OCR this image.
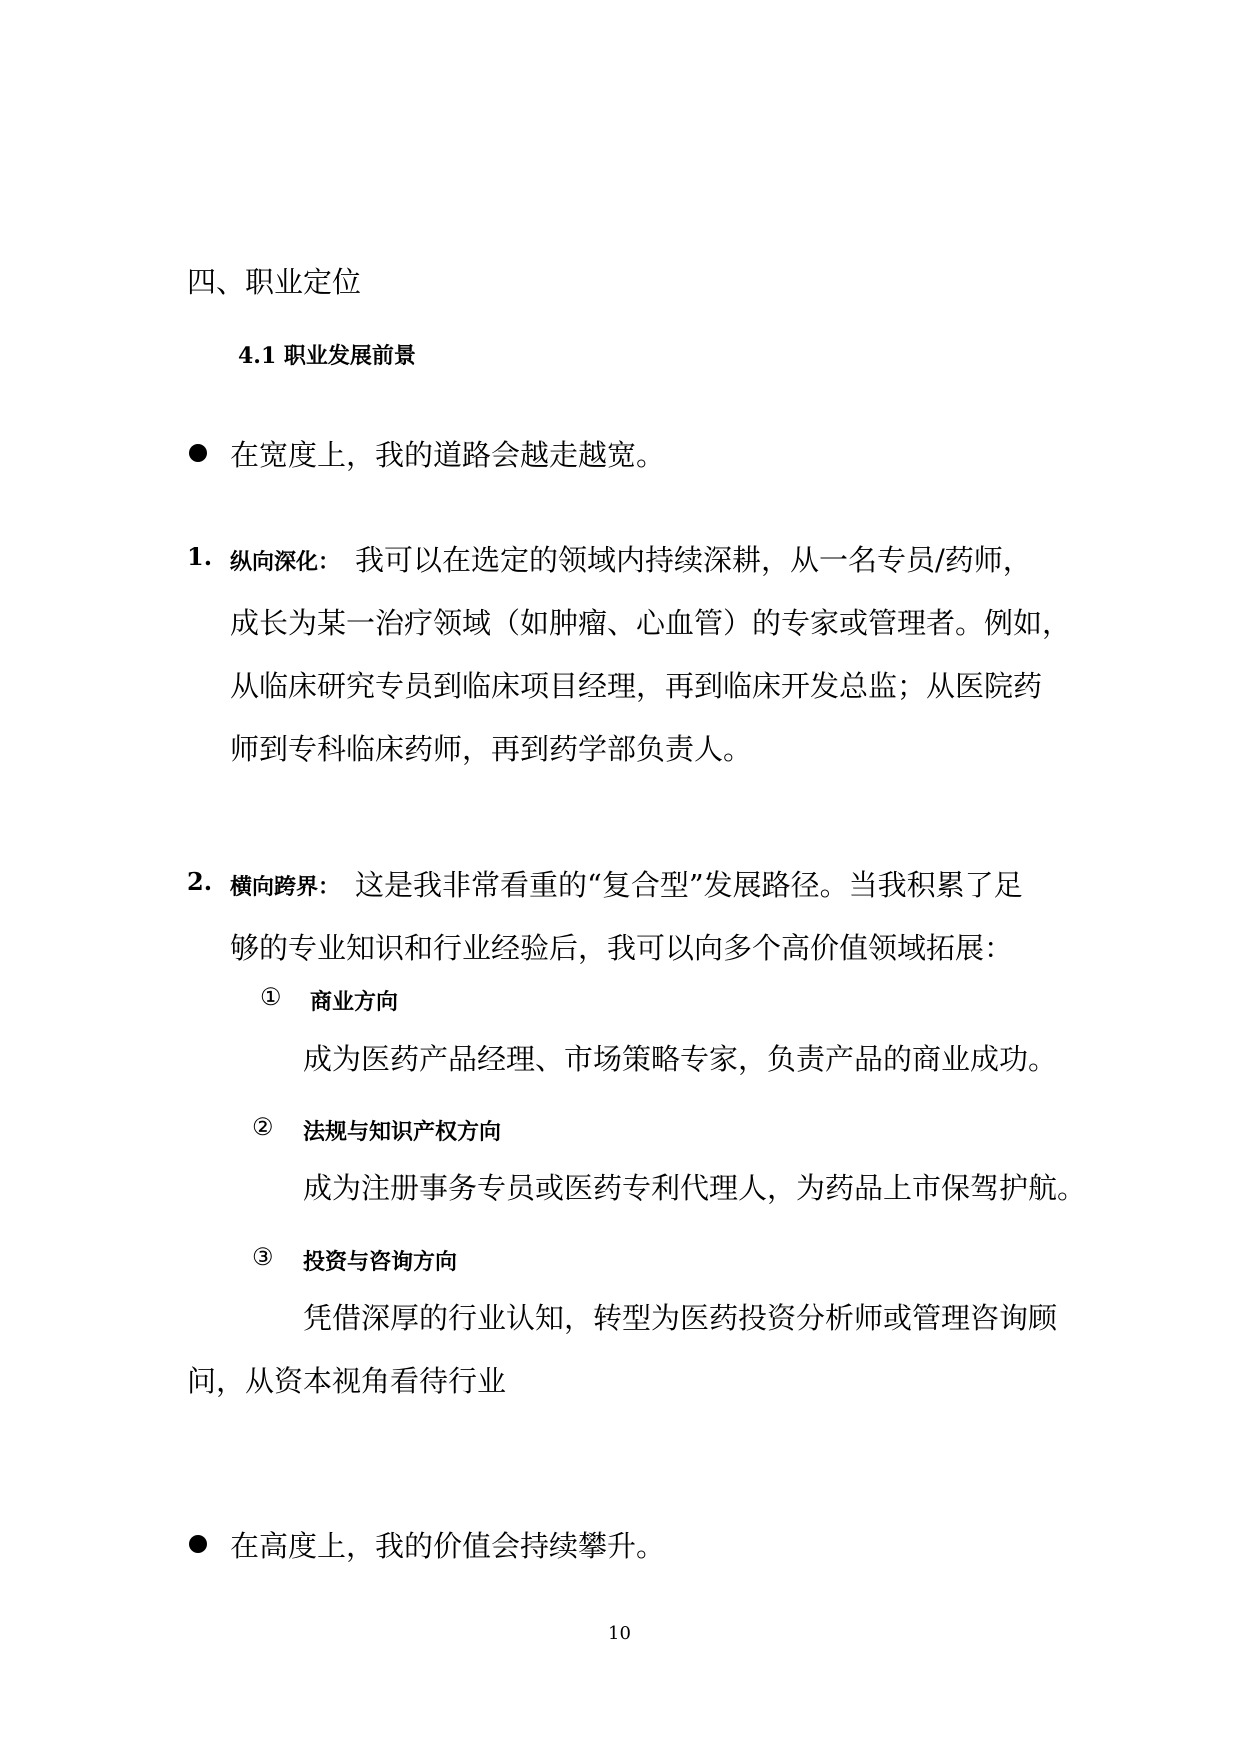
四、职业定位
4.1 职业发展前景
在宽度上，我的道路会越走越宽。
1. 纵向深化： 我可以在选定的领域内持续深耕，从一名专员/药师，
成长为某一治疗领域（如肿瘤、心血管）的专家或管理者。例如，
从临床研究专员到临床项目经理，再到临床开发总监；从医院药
师到专科临床药师，再到药学部负责人。
2. 横向跨界： 这是我非常看重的“复合型”发展路径。当我积累了足
够的专业知识和行业经验后，我可以向多个高价值领域拓展：
① 商业方向
成为医药产品经理、市场策略专家，负责产品的商业成功。
② 法规与知识产权方向
成为注册事务专员或医药专利代理人，为药品上市保驾护航。
③ 投资与咨询方向
凭借深厚的行业认知，转型为医药投资分析师或管理咨询顾
问，从资本视角看待行业
在高度上，我的价值会持续攀升。
10
